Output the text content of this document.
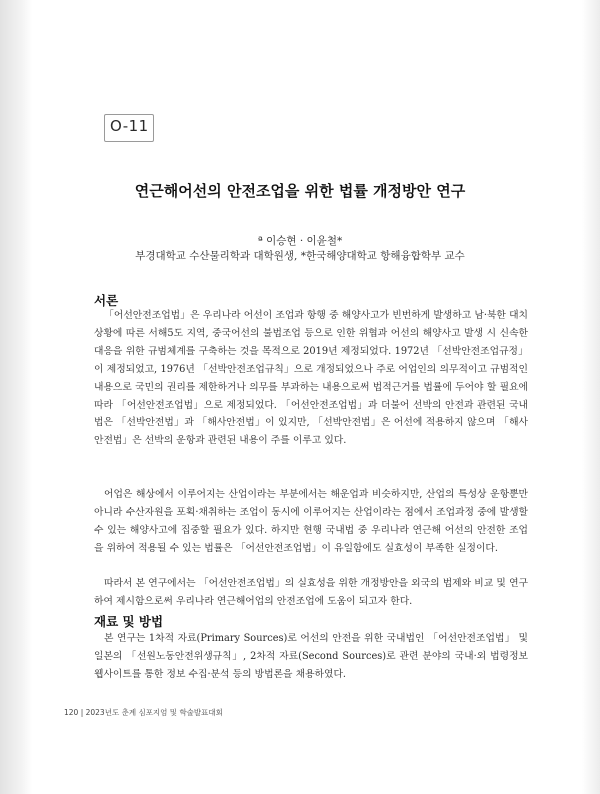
O-11
연근해어선의 안전조업을 위한 법률 개정방안 연구
ª 이승현 · 이윤철*
부경대학교 수산물리학과 대학원생, *한국해양대학교 항해융합학부 교수
서론

「어선안전조업법」은 우리나라 어선이 조업과 항행 중 해양사고가 빈번하게 발생하고 남·북한 대치상황에 따른 서해5도 지역, 중국어선의 불법조업 등으로 인한 위협과 어선의 해양사고 발생 시 신속한 대응을 위한 규범체계를 구축하는 것을 목적으로 2019년 제정되었다. 1972년 「선박안전조업규정」이 제정되었고, 1976년 「선박안전조업규칙」으로 개정되었으나 주로 어업인의 의무적이고 규범적인 내용으로 국민의 권리를 제한하거나 의무를 부과하는 내용으로써 법적근거를 법률에 두어야 할 필요에 따라 「어선안전조업법」으로 제정되었다. 「어선안전조업법」과 더불어 선박의 안전과 관련된 국내법은 「선박안전법」과 「해사안전법」이 있지만, 「선박안전법」은 어선에 적용하지 않으며 「해사안전법」은 선박의 운항과 관련된 내용이 주를 이루고 있다.

어업은 해상에서 이루어지는 산업이라는 부분에서는 해운업과 비슷하지만, 산업의 특성상 운항뿐만 아니라 수산자원을 포획·채취하는 조업이 동시에 이루어지는 산업이라는 점에서 조업과정 중에 발생할 수 있는 해양사고에 집중할 필요가 있다. 하지만 현행 국내법 중 우리나라 연근해 어선의 안전한 조업을 위하여 적용될 수 있는 법률은 「어선안전조업법」이 유일함에도 실효성이 부족한 실정이다.

따라서 본 연구에서는 「어선안전조업법」의 실효성을 위한 개정방안을 외국의 법제와 비교 및 연구하여 제시함으로써 우리나라 연근해어업의 안전조업에 도움이 되고자 한다.

재료 및 방법

본 연구는 1차적 자료(Primary Sources)로 어선의 안전을 위한 국내법인 「어선안전조업법」 및 일본의 「선원노동안전위생규칙」, 2차적 자료(Second Sources)로 관련 분야의 국내·외 법령정보 웹사이트를 통한 정보 수집·분석 등의 방법론을 채용하였다.

120 | 2023년도 춘계 심포지엄 및 학술발표대회
